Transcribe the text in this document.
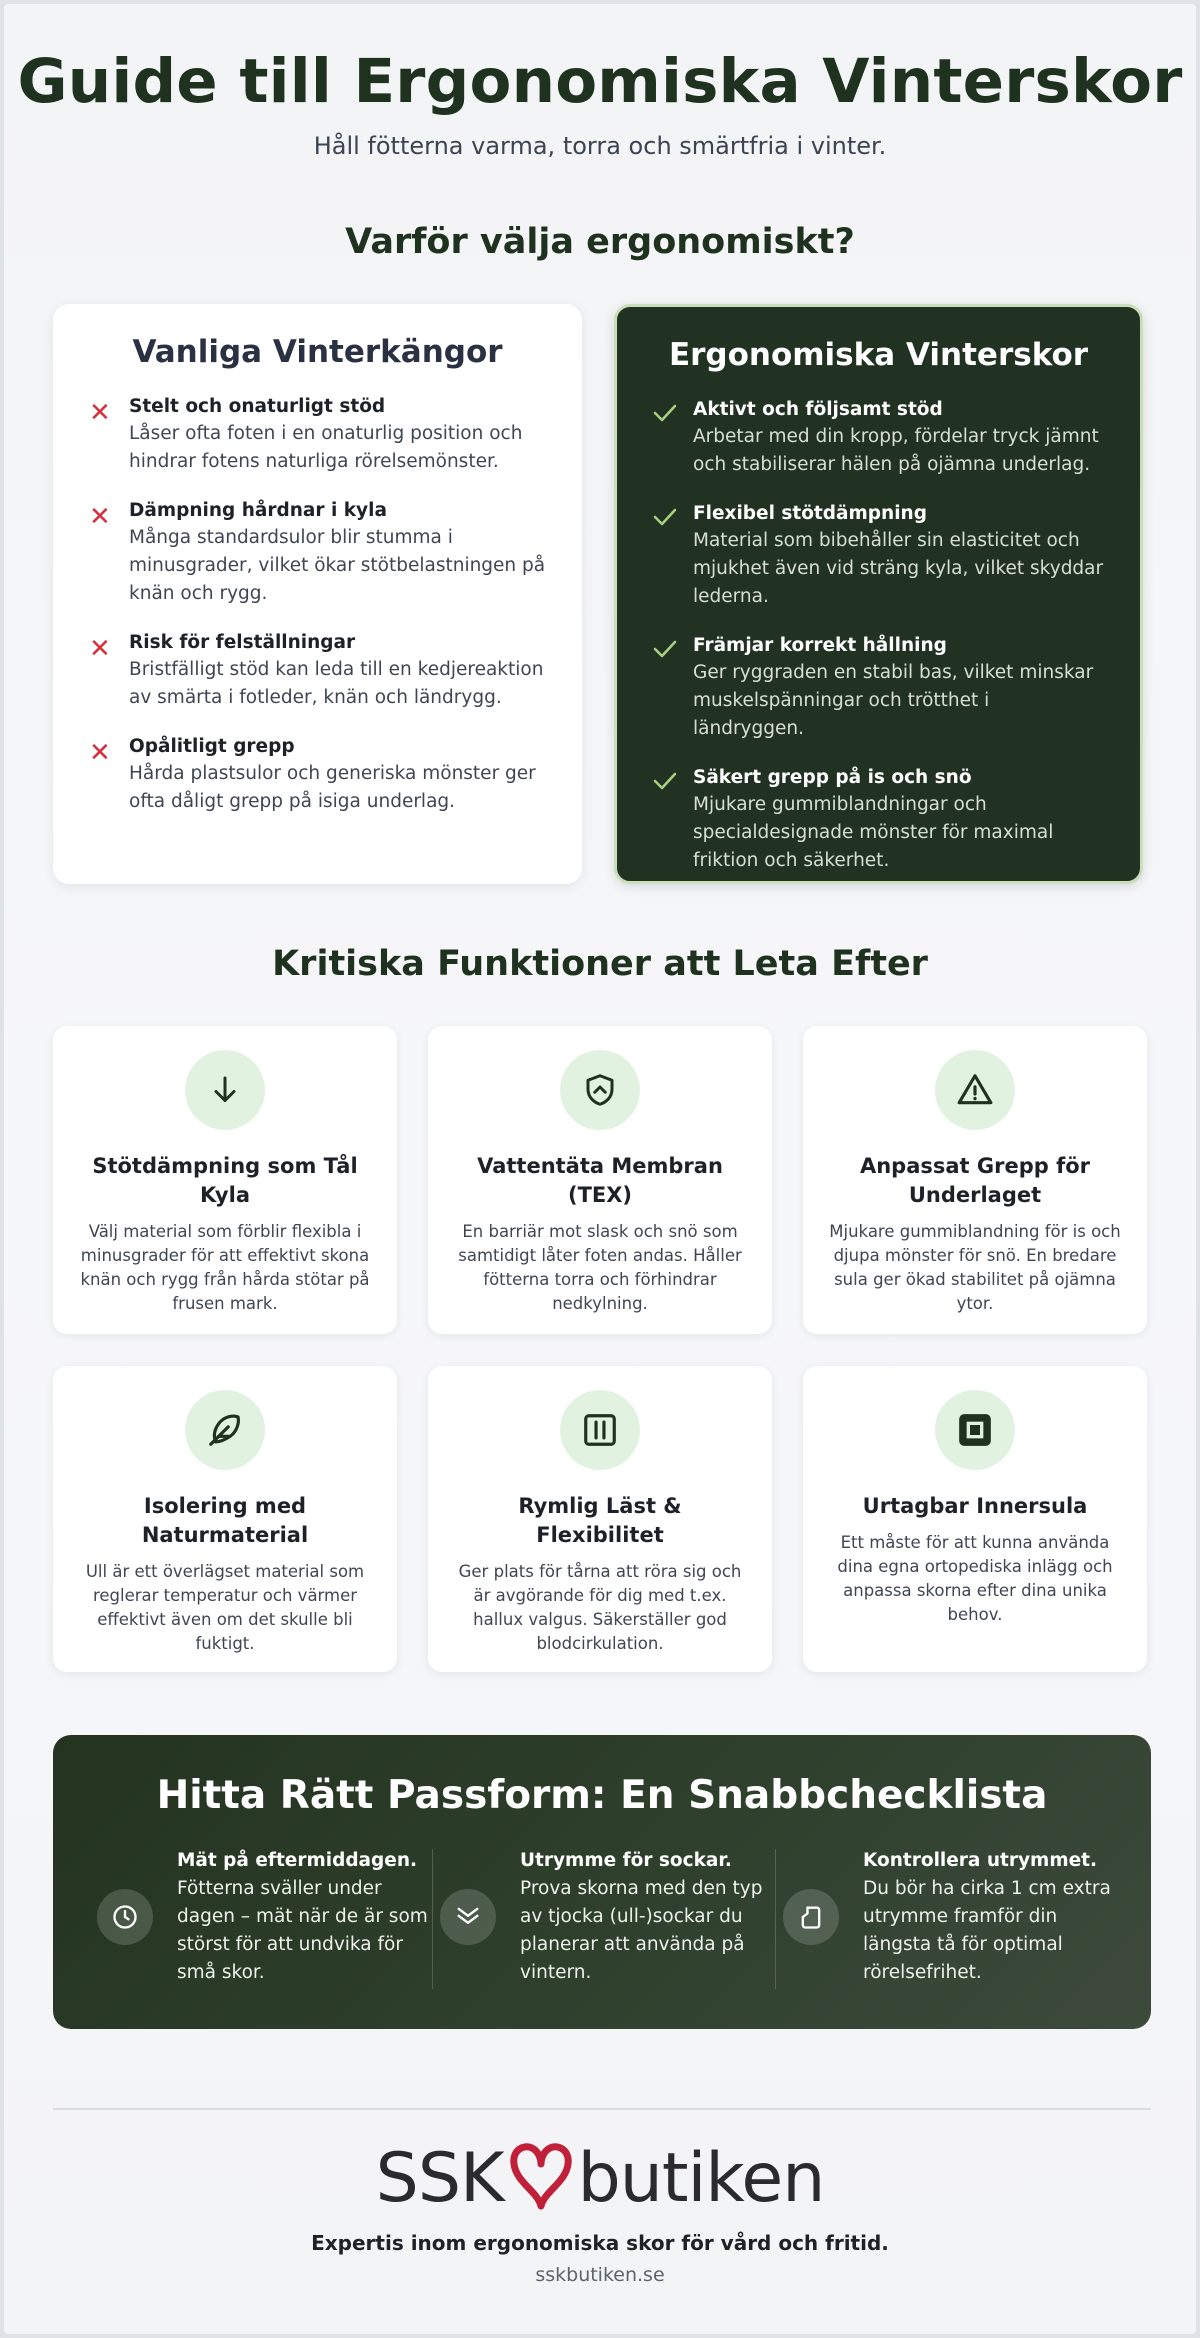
Guide till Ergonomiska Vinterskor
Håll fötterna varma, torra och smärtfria i vinter.
Varför välja ergonomiskt?
Vanliga Vinterkängor
✕ Stelt och onaturligt stöd
Låser ofta foten i en onaturlig position och hindrar fotens naturliga rörelsemönster.
✕ Dämpning hårdnar i kyla
Många standardsulor blir stumma i minusgrader, vilket ökar stötbelastningen på knän och rygg.
✕ Risk för felställningar
Bristfälligt stöd kan leda till en kedjereaktion av smärta i fotleder, knän och ländrygg.
✕ Opålitligt grepp
Hårda plastsulor och generiska mönster ger ofta dåligt grepp på isiga underlag.
Ergonomiska Vinterskor
Aktivt och följsamt stöd
Arbetar med din kropp, fördelar tryck jämnt och stabiliserar hälen på ojämna underlag.
Flexibel stötdämpning
Material som bibehåller sin elasticitet och mjukhet även vid sträng kyla, vilket skyddar lederna.
Främjar korrekt hållning
Ger ryggraden en stabil bas, vilket minskar muskelspänningar och trötthet i ländryggen.
Säkert grepp på is och snö
Mjukare gummiblandningar och specialdesignade mönster för maximal friktion och säkerhet.
Kritiska Funktioner att Leta Efter
Stötdämpning som Tål Kyla
Välj material som förblir flexibla i minusgrader för att effektivt skona knän och rygg från hårda stötar på frusen mark.
Vattentäta Membran (TEX)
En barriär mot slask och snö som samtidigt låter foten andas. Håller fötterna torra och förhindrar nedkylning.
Anpassat Grepp för Underlaget
Mjukare gummiblandning för is och djupa mönster för snö. En bredare sula ger ökad stabilitet på ojämna ytor.
Isolering med Naturmaterial
Ull är ett överlägset material som reglerar temperatur och värmer effektivt även om det skulle bli fuktigt.
Rymlig Läst & Flexibilitet
Ger plats för tårna att röra sig och är avgörande för dig med t.ex. hallux valgus. Säkerställer god blodcirkulation.
Urtagbar Innersula
Ett måste för att kunna använda dina egna ortopediska inlägg och anpassa skorna efter dina unika behov.
Hitta Rätt Passform: En Snabbchecklista
Mät på eftermiddagen.
Fötterna sväller under dagen – mät när de är som störst för att undvika för små skor.
Utrymme för sockar.
Prova skorna med den typ av tjocka (ull-)sockar du planerar att använda på vintern.
Kontrollera utrymmet.
Du bör ha cirka 1 cm extra utrymme framför din längsta tå för optimal rörelsefrihet.
SSK butiken
Expertis inom ergonomiska skor för vård och fritid.
sskbutiken.se
